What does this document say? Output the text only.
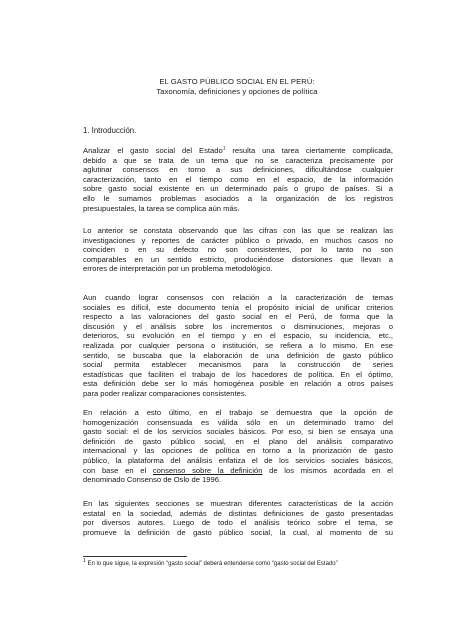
EL GASTO PÚBLICO SOCIAL EN EL PERÚ:
Taxonomía, definiciones y opciones de política
1. Introducción.
Analizar el gasto social del Estado$^1$ resulta una tarea ciertamente complicada,
debido a que se trata de un tema que no se caracteriza precisamente por
aglutinar consensos en torno a sus definiciones, dificultándose cualquier
caracterización, tanto en el tiempo como en el espacio, de la información
sobre gasto social existente en un determinado país o grupo de países. Si a
ello le sumamos problemas asociados a la organización de los registros
presupuestales, la tarea se complica aún más.
Lo anterior se constata observando que las cifras con las que se realizan las
investigaciones y reportes de carácter público o privado, en muchos casos no
coinciden o en su defecto no son consistentes, por lo tanto no son
comparables en un sentido estricto, produciéndose distorsiones que llevan a
errores de interpretación por un problema metodológico.
Aun cuando lograr consensos con relación a la caracterización de temas
sociales es difícil, este documento tenía el propósito inicial de unificar criterios
respecto a las valoraciones del gasto social en el Perú, de forma que la
discusión y el análisis sobre los incrementos o disminuciones, mejoras o
deterioros, su evolución en el tiempo y en el espacio, su incidencia, etc.,
realizada por cualquier persona o institución, se refiera a lo mismo. En ese
sentido, se buscaba que la elaboración de una definición de gasto público
social permita establecer mecanismos para la construcción de series
estadísticas que faciliten el trabajo de los hacedores de política. En el óptimo,
esta definición debe ser lo más homogénea posible en relación a otros países
para poder realizar comparaciones consistentes.
En relación a esto último, en el trabajo se demuestra que la opción de
homogenización consensuada es válida sólo en un determinado tramo del
gasto social: el de los servicios sociales básicos. Por eso, si bien se ensaya una
definición de gasto público social, en el plano del análisis comparativo
internacional y las opciones de política en torno a la priorización de gasto
público, la plataforma del análisis enfatiza el de los servicios sociales básicos,
con base en el consenso sobre la definición de los mismos acordada en el
denominado Consenso de Oslo de 1996.
En las siguientes secciones se muestran diferentes características de la acción
estatal en la sociedad, además de distintas definiciones de gasto presentadas
por diversos autores. Luego de todo el análisis teórico sobre el tema, se
promueve la definición de gasto público social, la cual, al momento de su
$^1$ En lo que sigue, la expresión “gasto social” deberá entenderse como “gasto social del Estado”
